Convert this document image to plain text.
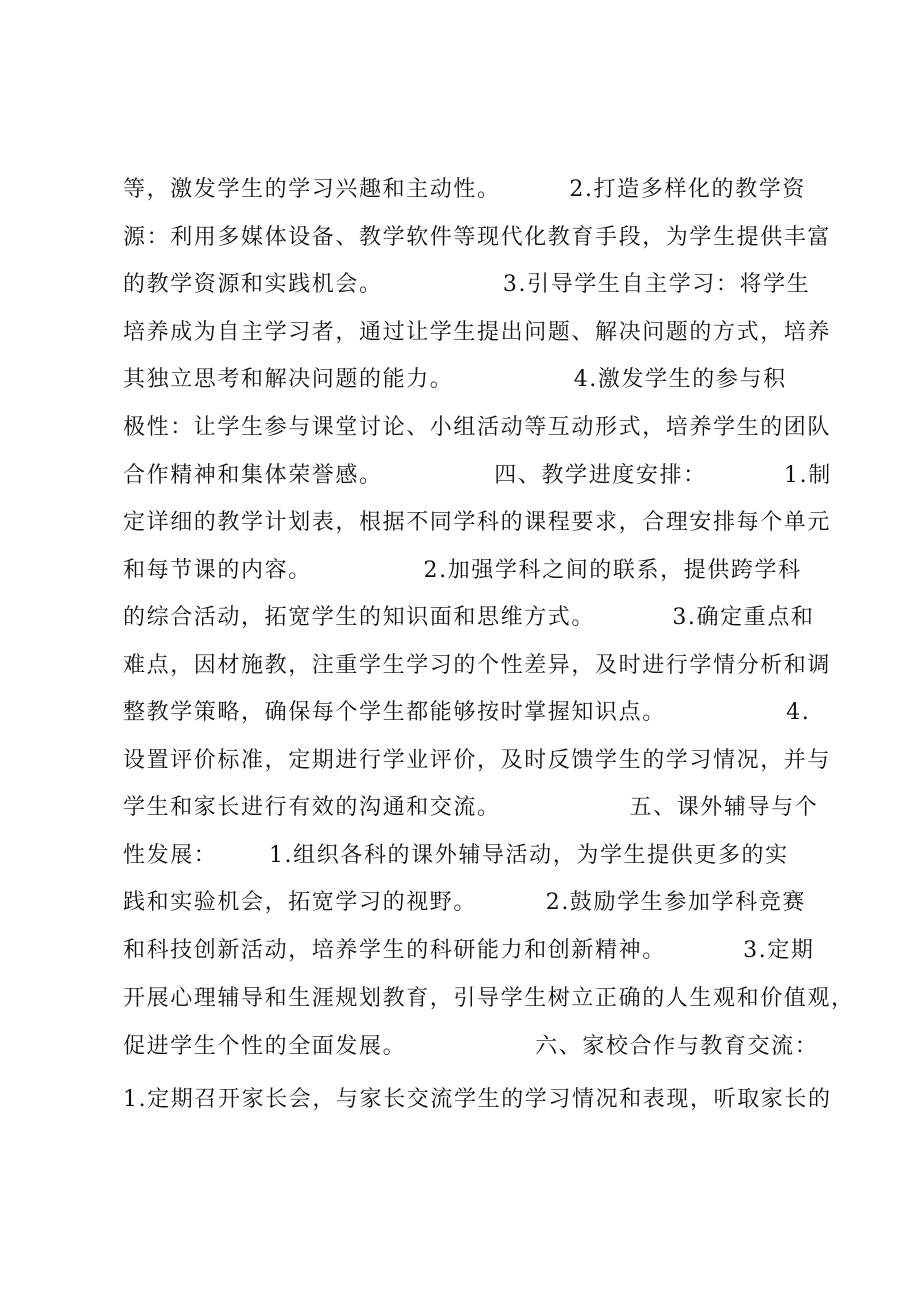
等，激发学生的学习兴趣和主动性。        2.打造多样化的教学资
源：利用多媒体设备、教学软件等现代化教育手段，为学生提供丰富
的教学资源和实践机会。              3.引导学生自主学习：将学生
培养成为自主学习者，通过让学生提出问题、解决问题的方式，培养
其独立思考和解决问题的能力。              4.激发学生的参与积
极性：让学生参与课堂讨论、小组活动等互动形式，培养学生的团队
合作精神和集体荣誉感。             四、教学进度安排：         1.制
定详细的教学计划表，根据不同学科的课程要求，合理安排每个单元
和每节课的内容。             2.加强学科之间的联系，提供跨学科
的综合活动，拓宽学生的知识面和思维方式。         3.确定重点和
难点，因材施教，注重学生学习的个性差异，及时进行学情分析和调
整教学策略，确保每个学生都能够按时掌握知识点。              4.
设置评价标准，定期进行学业评价，及时反馈学生的学习情况，并与
学生和家长进行有效的沟通和交流。               五、课外辅导与个
性发展：      1.组织各科的课外辅导活动，为学生提供更多的实
践和实验机会，拓宽学习的视野。        2.鼓励学生参加学科竞赛
和科技创新活动，培养学生的科研能力和创新精神。         3.定期
开展心理辅导和生涯规划教育，引导学生树立正确的人生观和价值观，
促进学生个性的全面发展。               六、家校合作与教育交流：
1.定期召开家长会，与家长交流学生的学习情况和表现，听取家长的
